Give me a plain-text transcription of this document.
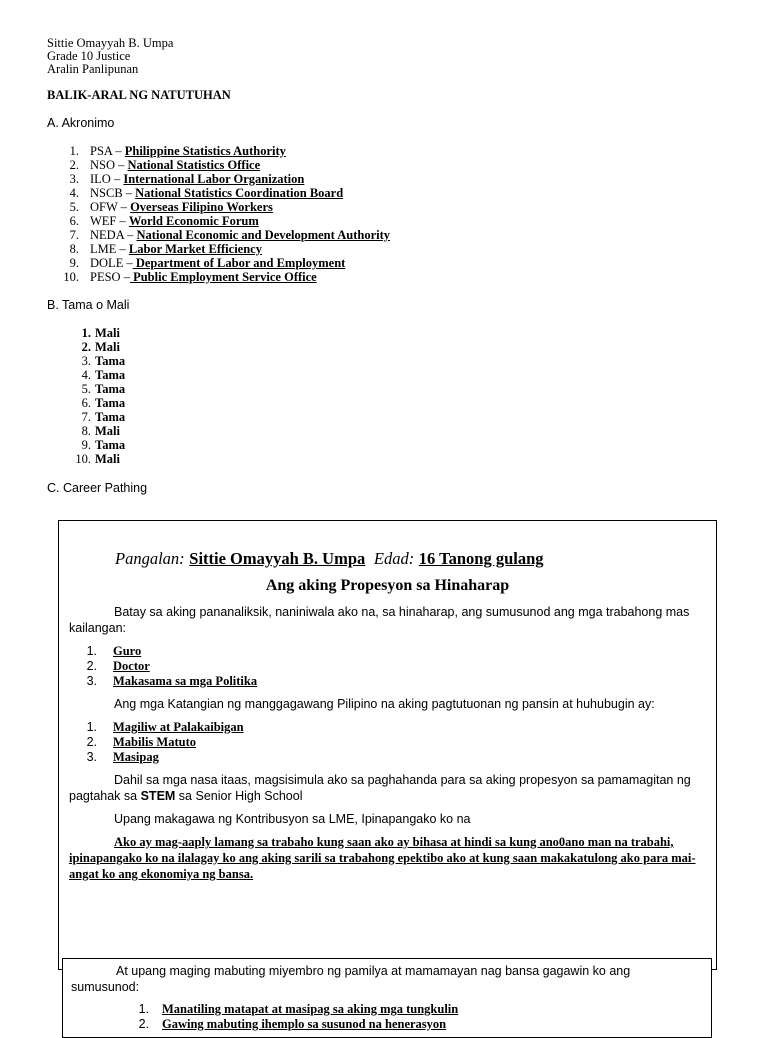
Sittie Omayyah B. Umpa
Grade 10 Justice
Aralin Panlipunan
BALIK-ARAL NG NATUTUHAN
A. Akronimo
1. PSA – Philippine Statistics Authority
2. NSO – National Statistics Office
3. ILO – International Labor Organization
4. NSCB – National Statistics Coordination Board
5. OFW – Overseas Filipino Workers
6. WEF – World Economic Forum
7. NEDA – National Economic and Development Authority
8. LME – Labor Market Efficiency
9. DOLE – Department of Labor and Employment
10. PESO – Public Employment Service Office
B. Tama o Mali
1. Mali
2. Mali
3. Tama
4. Tama
5. Tama
6. Tama
7. Tama
8. Mali
9. Tama
10. Mali
C. Career Pathing
Pangalan: Sittie Omayyah B. Umpa Edad: 16 Tanong gulang
Ang aking Propesyon sa Hinaharap
Batay sa aking pananaliksik, naniniwala ako na, sa hinaharap, ang sumusunod ang mga trabahong mas kailangan:
1. Guro
2. Doctor
3. Makasama sa mga Politika
Ang mga Katangian ng manggagawang Pilipino na aking pagtutuonan ng pansin at huhubugin ay:
1. Magiliw at Palakaibigan
2. Mabilis Matuto
3. Masipag
Dahil sa mga nasa itaas, magsisimula ako sa paghahanda para sa aking propesyon sa pamamagitan ng pagtahak sa STEM sa Senior High School
Upang makagawa ng Kontribusyon sa LME, Ipinapangako ko na
Ako ay mag-aaply lamang sa trabaho kung saan ako ay bihasa at hindi sa kung ano0ano man na trabahi, ipinapangako ko na ilalagay ko ang aking sarili sa trabahong epektibo ako at kung saan makakatulong ako para mai-angat ko ang ekonomiya ng bansa.
At upang maging mabuting miyembro ng pamilya at mamamayan nag bansa gagawin ko ang sumusunod:
1. Manatiling matapat at masipag sa aking mga tungkulin
2. Gawing mabuting ihemplo sa susunod na henerasyon
